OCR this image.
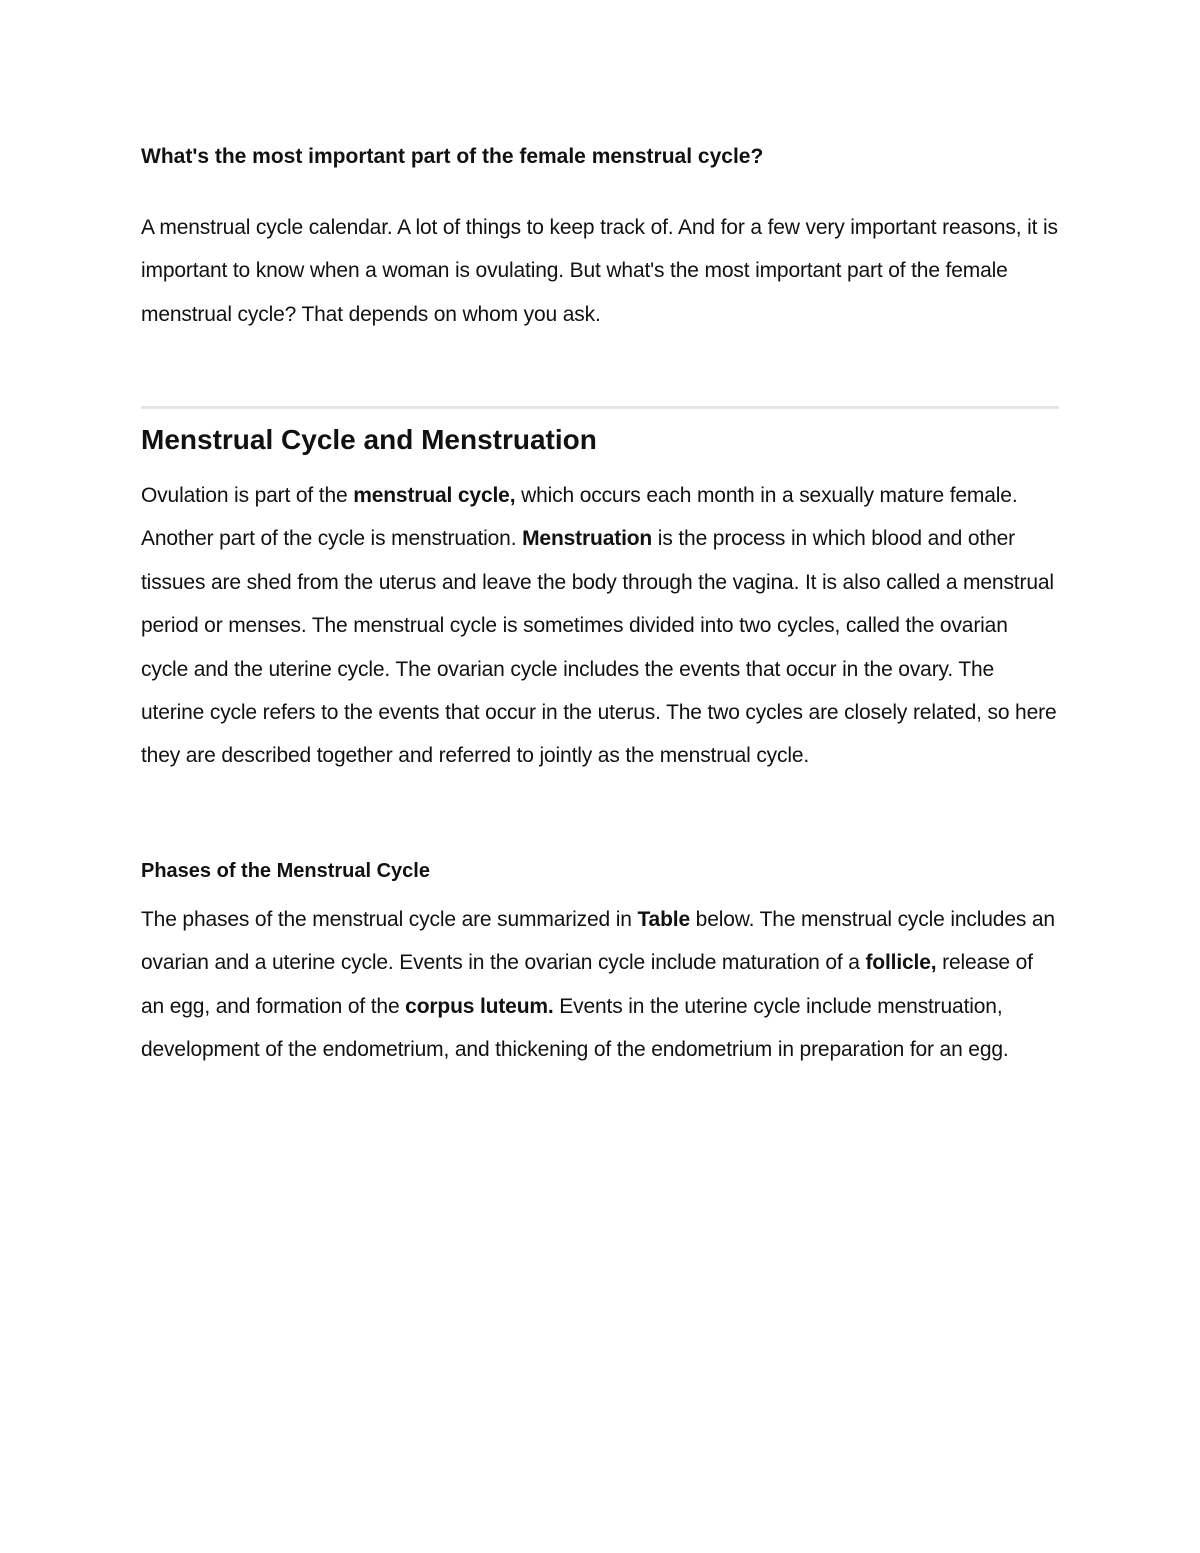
What's the most important part of the female menstrual cycle?

A menstrual cycle calendar. A lot of things to keep track of. And for a few very important reasons, it is important to know when a woman is ovulating. But what's the most important part of the female menstrual cycle? That depends on whom you ask.

Menstrual Cycle and Menstruation

Ovulation is part of the menstrual cycle, which occurs each month in a sexually mature female. Another part of the cycle is menstruation. Menstruation is the process in which blood and other tissues are shed from the uterus and leave the body through the vagina. It is also called a menstrual period or menses. The menstrual cycle is sometimes divided into two cycles, called the ovarian cycle and the uterine cycle. The ovarian cycle includes the events that occur in the ovary. The uterine cycle refers to the events that occur in the uterus. The two cycles are closely related, so here they are described together and referred to jointly as the menstrual cycle.

Phases of the Menstrual Cycle

The phases of the menstrual cycle are summarized in Table below. The menstrual cycle includes an ovarian and a uterine cycle. Events in the ovarian cycle include maturation of a follicle, release of an egg, and formation of the corpus luteum. Events in the uterine cycle include menstruation, development of the endometrium, and thickening of the endometrium in preparation for an egg.
